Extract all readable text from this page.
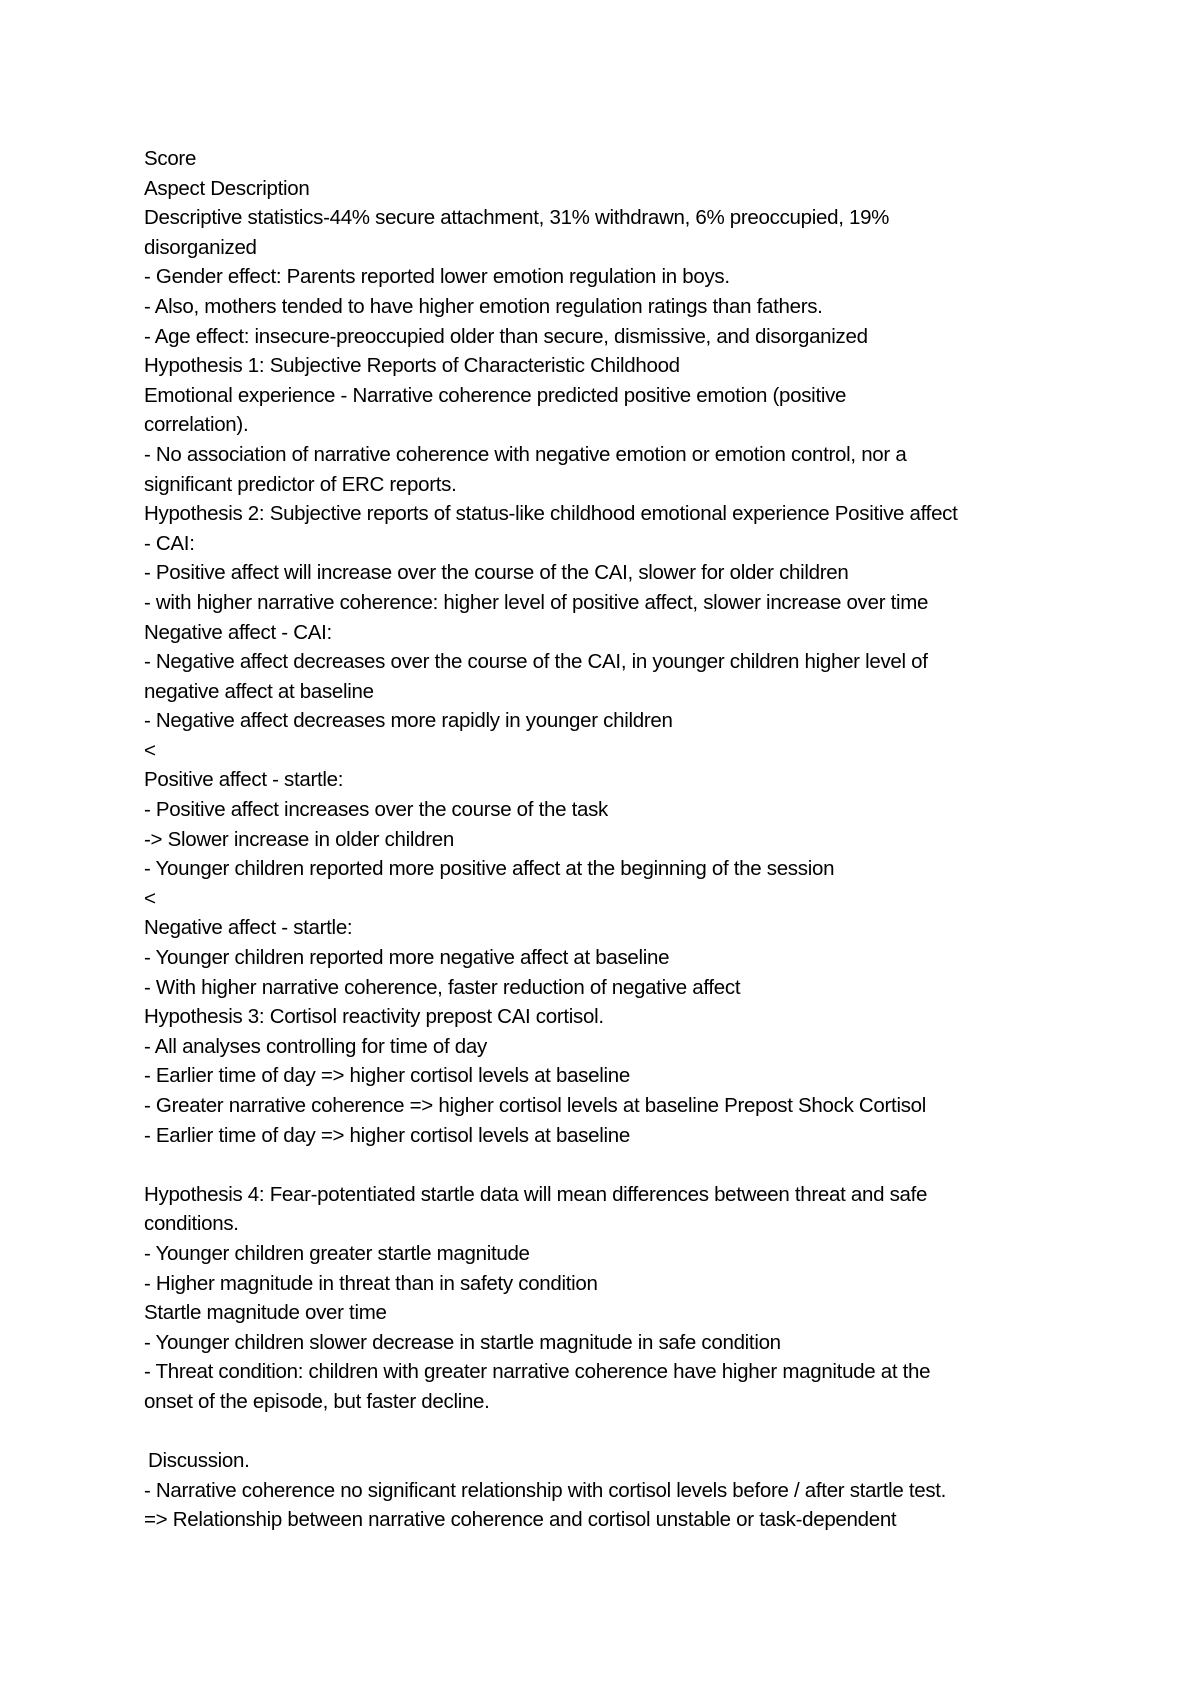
Score
Aspect Description
Descriptive statistics-44% secure attachment, 31% withdrawn, 6% preoccupied, 19%
disorganized
- Gender effect: Parents reported lower emotion regulation in boys.
- Also, mothers tended to have higher emotion regulation ratings than fathers.
- Age effect: insecure-preoccupied older than secure, dismissive, and disorganized
Hypothesis 1: Subjective Reports of Characteristic Childhood
Emotional experience - Narrative coherence predicted positive emotion (positive
correlation).
- No association of narrative coherence with negative emotion or emotion control, nor a
significant predictor of ERC reports.
Hypothesis 2: Subjective reports of status-like childhood emotional experience Positive affect
- CAI:
- Positive affect will increase over the course of the CAI, slower for older children
- with higher narrative coherence: higher level of positive affect, slower increase over time
Negative affect - CAI:
- Negative affect decreases over the course of the CAI, in younger children higher level of
negative affect at baseline
- Negative affect decreases more rapidly in younger children
<
Positive affect - startle:
- Positive affect increases over the course of the task
-> Slower increase in older children
- Younger children reported more positive affect at the beginning of the session
<
Negative affect - startle:
- Younger children reported more negative affect at baseline
- With higher narrative coherence, faster reduction of negative affect
Hypothesis 3: Cortisol reactivity prepost CAI cortisol.
- All analyses controlling for time of day
- Earlier time of day => higher cortisol levels at baseline
- Greater narrative coherence => higher cortisol levels at baseline Prepost Shock Cortisol
- Earlier time of day => higher cortisol levels at baseline
Hypothesis 4: Fear-potentiated startle data will mean differences between threat and safe
conditions.
- Younger children greater startle magnitude
- Higher magnitude in threat than in safety condition
Startle magnitude over time
- Younger children slower decrease in startle magnitude in safe condition
- Threat condition: children with greater narrative coherence have higher magnitude at the
onset of the episode, but faster decline.
Discussion.
- Narrative coherence no significant relationship with cortisol levels before / after startle test.
=> Relationship between narrative coherence and cortisol unstable or task-dependent
